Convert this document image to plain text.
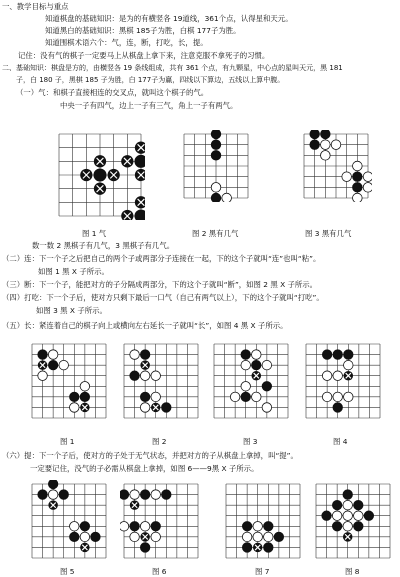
一、教学目标与重点
知道棋盘的基础知识：是为的有横竖各 19道线，361个点，认得星和天元。
知道黑白的基础知识：黑棋 185子为胜，白棋 177子为胜。
知道围棋术语六个：气，连，断，打吃，长，提。
记住：没有气的棋子一定要马上从棋盘上拿下来，注意克服不拿死子的习惯。
二、基础知识：棋盘是方的，由横竖各 19 条线组成，共有 361 个点，有九颗星，中心点的星叫天元，黑 181
子，白 180 子，黑棋 185 子为胜，白 177子为赢，四线以下算边，五线以上算中腹。
（一）气：和棋子直接相连的交叉点，就叫这个棋子的气。
中央一子有四气，边上一子有三气，角上一子有两气。
图 1 气	图 2 黑有几气	图 3 黑有几气
数一数 2 黑棋子有几气，3 黑棋子有几气。
（二）连：下一个子之后把自己的两个子或两部分子连接在一起，下的这个子就叫“连”也叫“粘”。
如图 1 黑 X 子所示。
（三）断：下一个子，能把对方的子分隔成两部分，下的这个子就叫“断”，如图 2 黑 X 子所示。
（四）打吃：下一个子后，使对方只剩下最后一口气（自己有两气以上），下的这个子就叫“打吃”。
如图 3 黑 X 子所示。
（五）长：紧连着自己的棋子向上或横向左右延长一子就叫“长”，如图 4 黑 X 子所示。
图 1	图 2	图 3	图 4
（六）提：下一个子后，使对方的子处于无气状态，并把对方的子从棋盘上拿掉，叫“提”。
一定要记住，没气的子必需从棋盘上拿掉，如图 6——9黑 X 子所示。
图 5	图 6	图 7	图 8
